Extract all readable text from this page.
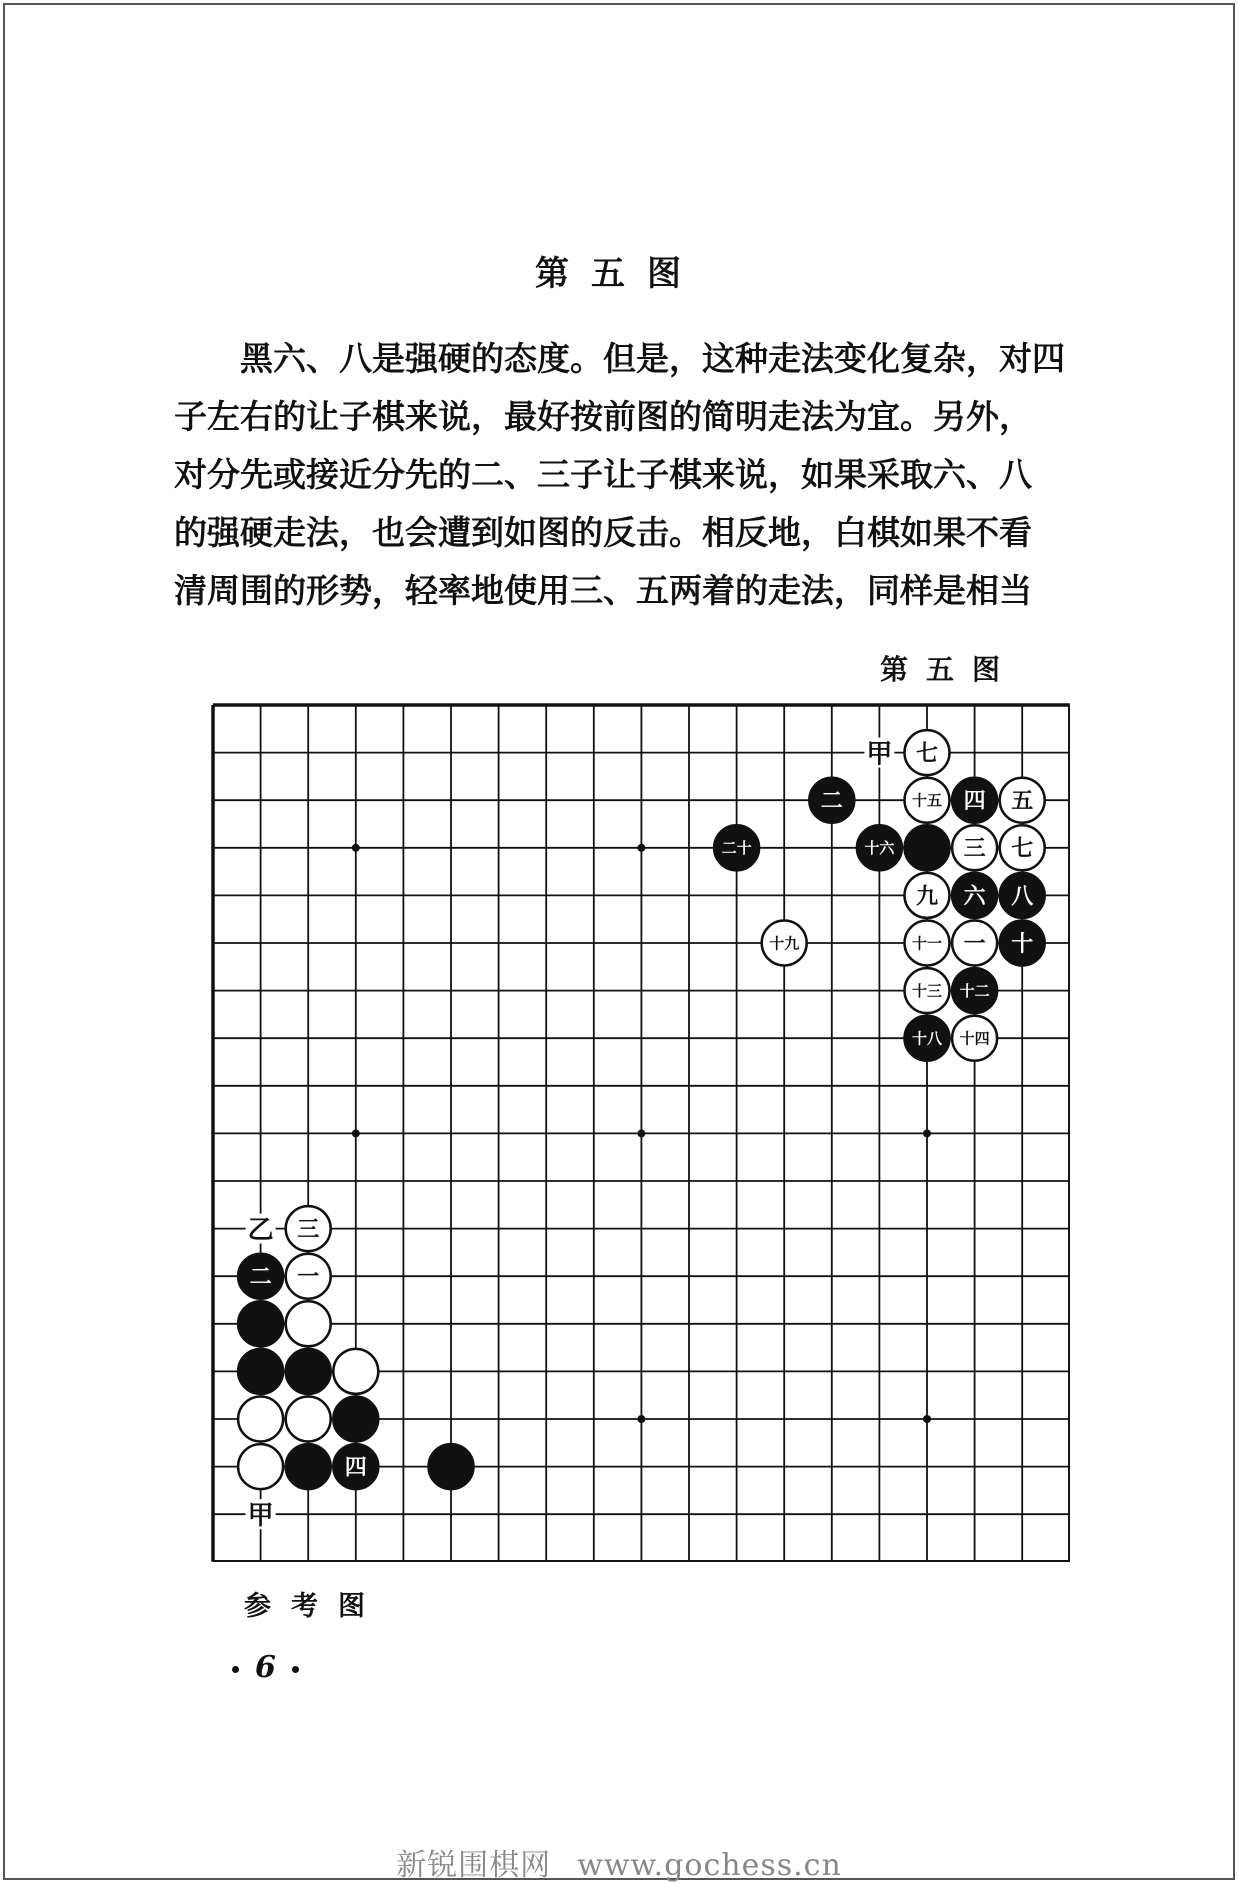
第五图

黑六、八是强硬的态度。但是，这种走法变化复杂，对四

子左右的让子棋来说，最好按前图的简明走法为宜。另外，

对分先或接近分先的二、三子让子棋来说，如果采取六、八

的强硬走法，也会遭到如图的反击。相反地，白棋如果不看

清周围的形势，轻率地使用三、五两着的走法，同样是相当

第五图
甲
乙
甲
七
十五 四 五
二
二十	十六	三 七
九 六 八
十九	十一 一 十
十三 十二
十八 十四
三
二 一
四
参考图
6
新锐围棋网 www.gochess.cn
